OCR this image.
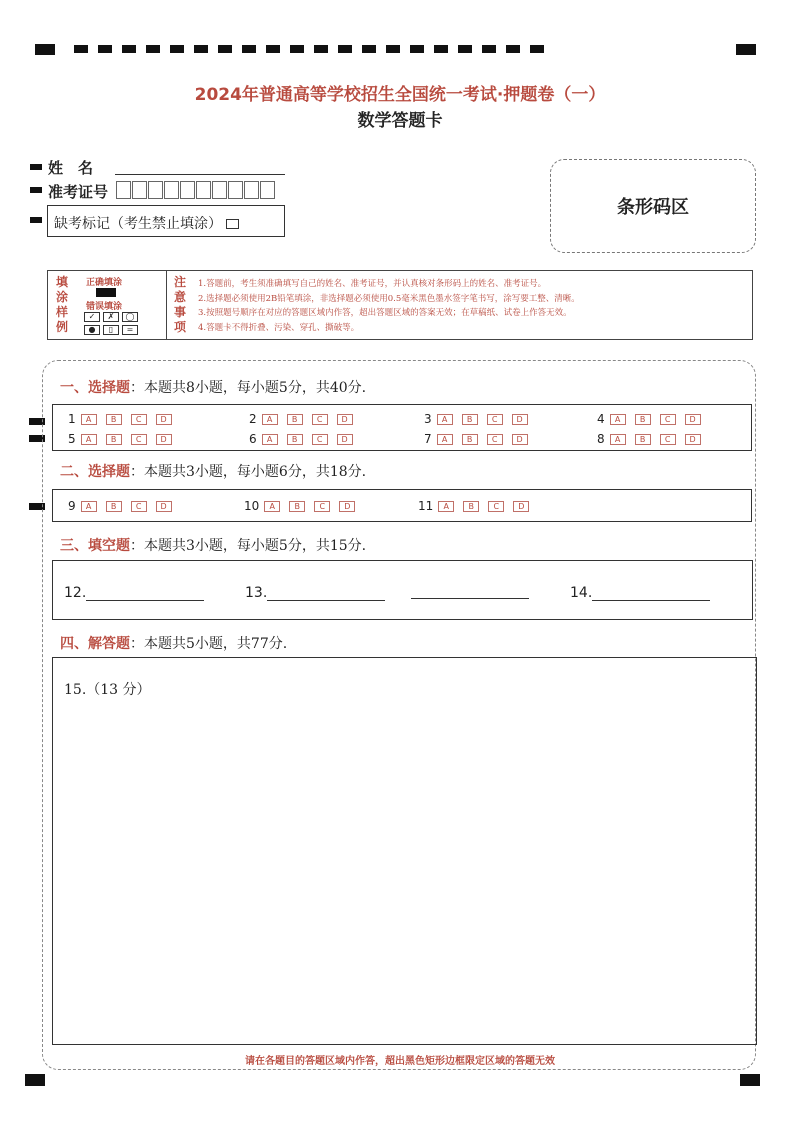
2024年普通高等学校招生全国统一考试·押题卷（一）
数学答题卡
姓　名
准考证号
缺考标记（考生禁止填涂）
条形码区
填涂样例
正确填涂
错误填涂
✓	✗	◯
●	▯	=
注意事项
1.答题前，考生须准确填写自己的姓名、准考证号，并认真核对条形码上的姓名、准考证号。
2.选择题必须使用2B铅笔填涂，非选择题必须使用0.5毫米黑色墨水签字笔书写，涂写要工整、清晰。
3.按照题号顺序在对应的答题区域内作答，超出答题区域的答案无效；在草稿纸、试卷上作答无效。
4.答题卡不得折叠、污染、穿孔、撕破等。
一、选择题：本题共8小题，每小题5分，共40分.
1	A	B	C	D	2	A	B	C	D	3	A	B	C	D	4	A	B	C	D
5	A	B	C	D	6	A	B	C	D	7	A	B	C	D	8	A	B	C	D
二、选择题：本题共3小题，每小题6分，共18分.
9	A	B	C	D	10	A	B	C	D	11	A	B	C	D
三、填空题：本题共3小题，每小题5分，共15分.
12.	13.	14.
四、解答题：本题共5小题，共77分.
15.（13 分）
请在各题目的答题区域内作答，超出黑色矩形边框限定区域的答题无效
